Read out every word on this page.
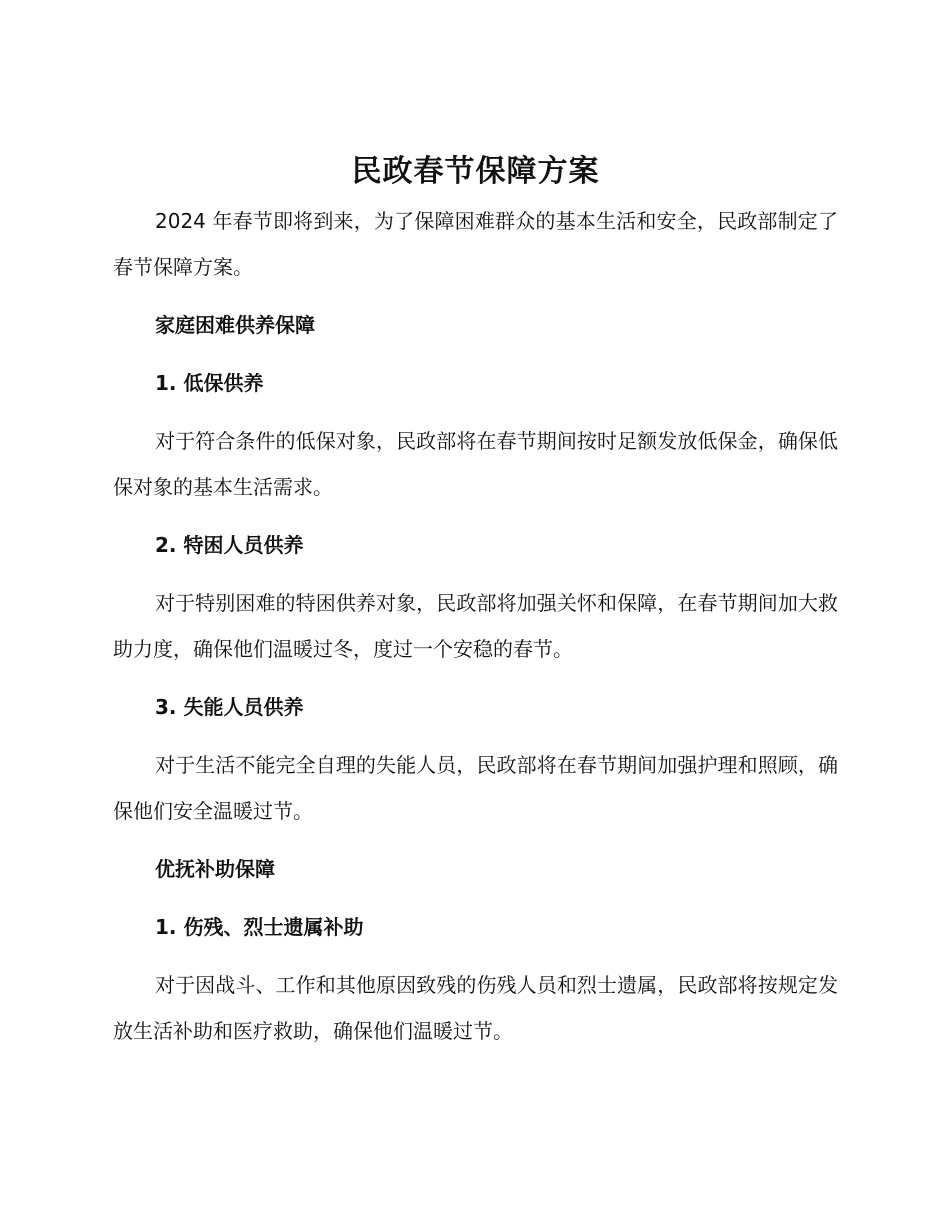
民政春节保障方案

2024 年春节即将到来，为了保障困难群众的基本生活和安全，民政部制定了春节保障方案。

家庭困难供养保障
1. 低保供养

对于符合条件的低保对象，民政部将在春节期间按时足额发放低保金，确保低保对象的基本生活需求。

2. 特困人员供养

对于特别困难的特困供养对象，民政部将加强关怀和保障，在春节期间加大救助力度，确保他们温暖过冬，度过一个安稳的春节。

3. 失能人员供养

对于生活不能完全自理的失能人员，民政部将在春节期间加强护理和照顾，确保他们安全温暖过节。

优抚补助保障
1. 伤残、烈士遗属补助

对于因战斗、工作和其他原因致残的伤残人员和烈士遗属，民政部将按规定发放生活补助和医疗救助，确保他们温暖过节。
